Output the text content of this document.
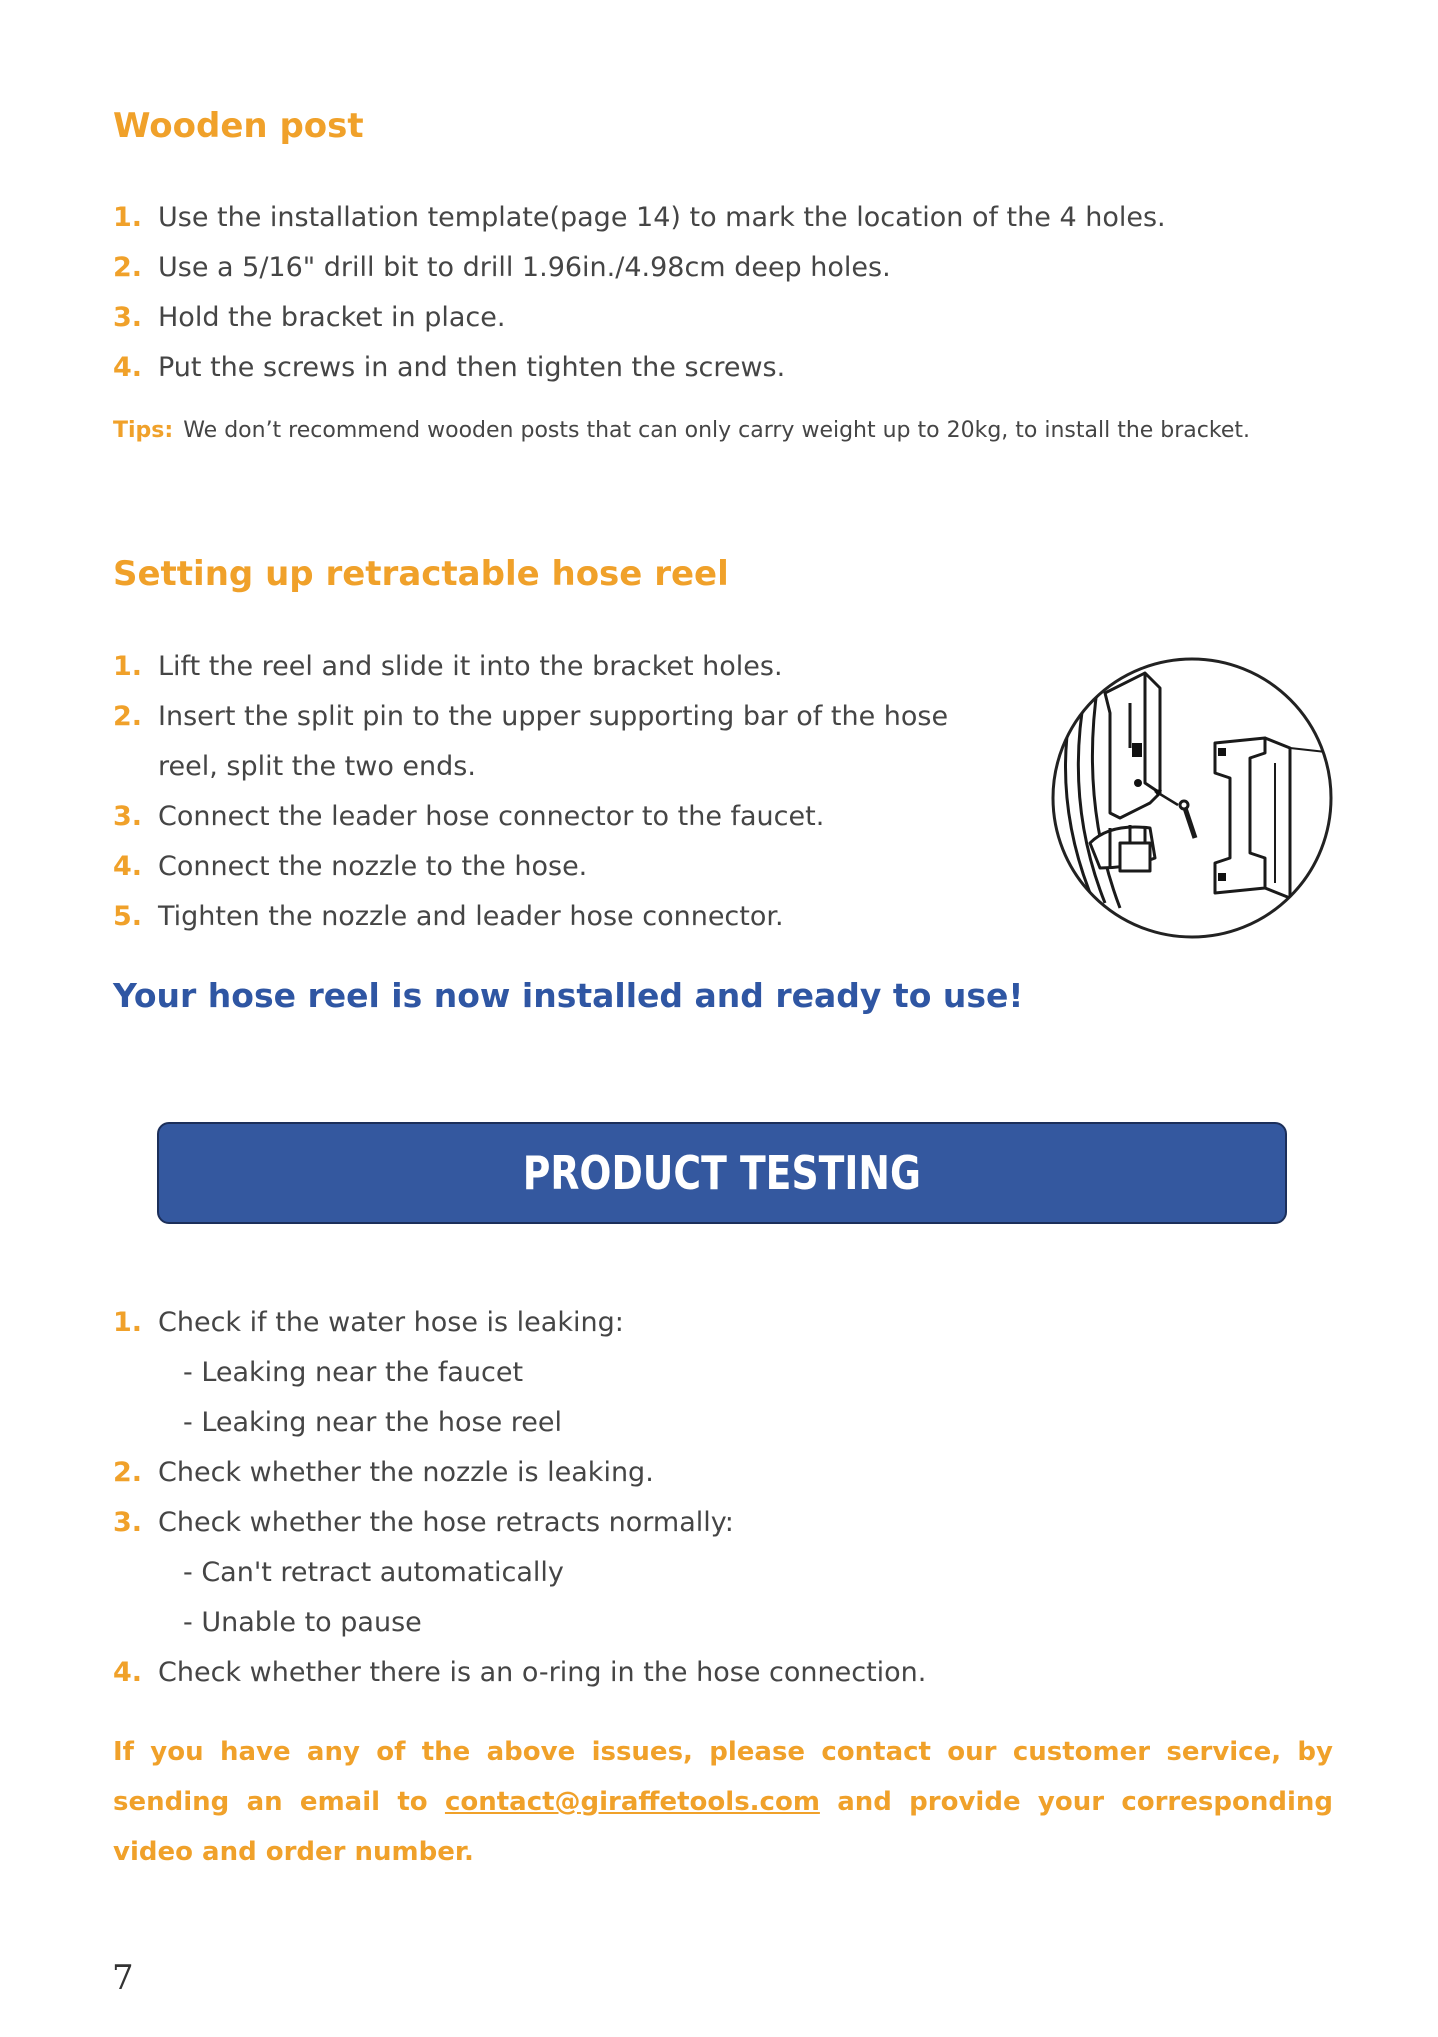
Wooden post
1. Use the installation template(page 14) to mark the location of the 4 holes.
2. Use a 5/16" drill bit to drill 1.96in./4.98cm deep holes.
3. Hold the bracket in place.
4. Put the screws in and then tighten the screws.

Tips: We don’t recommend wooden posts that can only carry weight up to 20kg, to install the bracket.

Setting up retractable hose reel
1. Lift the reel and slide it into the bracket holes.
2. Insert the split pin to the upper supporting bar of the hose
reel, split the two ends.
3. Connect the leader hose connector to the faucet.
4. Connect the nozzle to the hose.
5. Tighten the nozzle and leader hose connector.

Your hose reel is now installed and ready to use!

PRODUCT TESTING
1. Check if the water hose is leaking:
- Leaking near the faucet
- Leaking near the hose reel
2. Check whether the nozzle is leaking.
3. Check whether the hose retracts normally:
- Can't retract automatically
- Unable to pause
4. Check whether there is an o-ring in the hose connection.

If you have any of the above issues, please contact our customer service, by sending an email to contact@giraffetools.com and provide your corresponding video and order number.

7
